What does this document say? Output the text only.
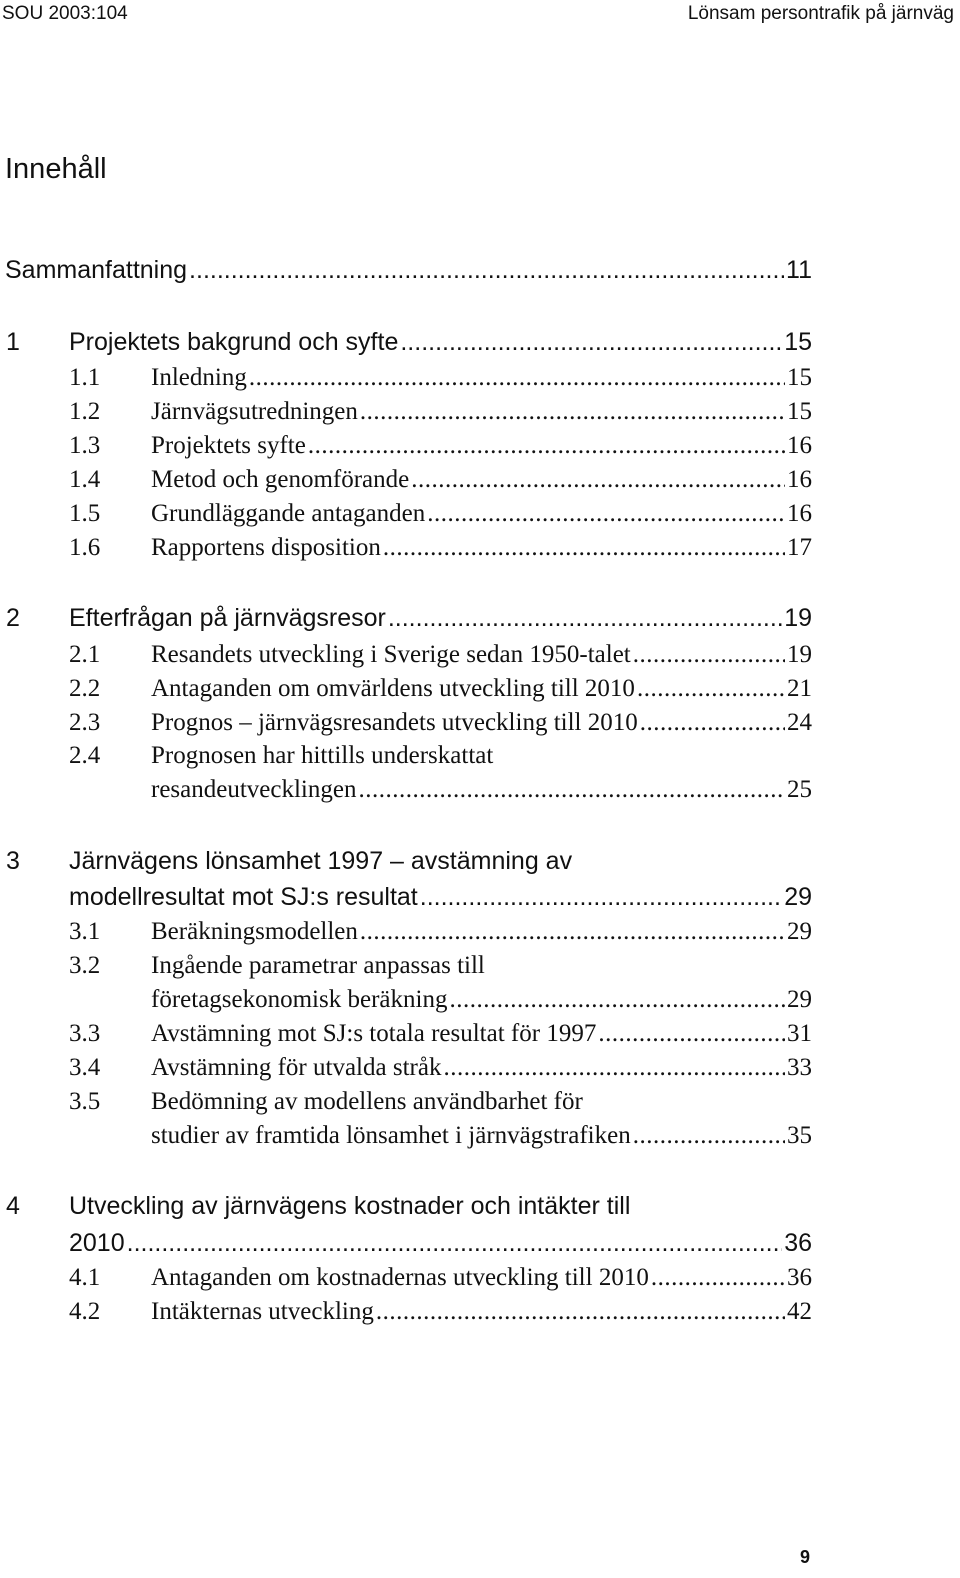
SOU 2003:104	Lönsam persontrafik på järnväg
Innehåll
Sammanfattning .....	11
1 Projektets bakgrund och syfte .....	15
1.1 Inledning .....	15
1.2 Järnvägsutredningen .....	15
1.3 Projektets syfte .....	16
1.4 Metod och genomförande .....	16
1.5 Grundläggande antaganden .....	16
1.6 Rapportens disposition .....	17
2 Efterfrågan på järnvägsresor .....	19
2.1 Resandets utveckling i Sverige sedan 1950-talet .....	19
2.2 Antaganden om omvärldens utveckling till 2010 .....	21
2.3 Prognos – järnvägsresandets utveckling till 2010 .....	24
2.4 Prognosen har hittills underskattat
resandeutvecklingen .....	25
3 Järnvägens lönsamhet 1997 – avstämning av
modellresultat mot SJ:s resultat .....	29
3.1 Beräkningsmodellen .....	29
3.2 Ingående parametrar anpassas till
företagsekonomisk beräkning .....	29
3.3 Avstämning mot SJ:s totala resultat för 1997 .....	31
3.4 Avstämning för utvalda stråk .....	33
3.5 Bedömning av modellens användbarhet för
studier av framtida lönsamhet i järnvägstrafiken .....	35
4 Utveckling av järnvägens kostnader och intäkter till
2010 .....	36
4.1 Antaganden om kostnadernas utveckling till 2010 .....	36
4.2 Intäkternas utveckling .....	42
9
